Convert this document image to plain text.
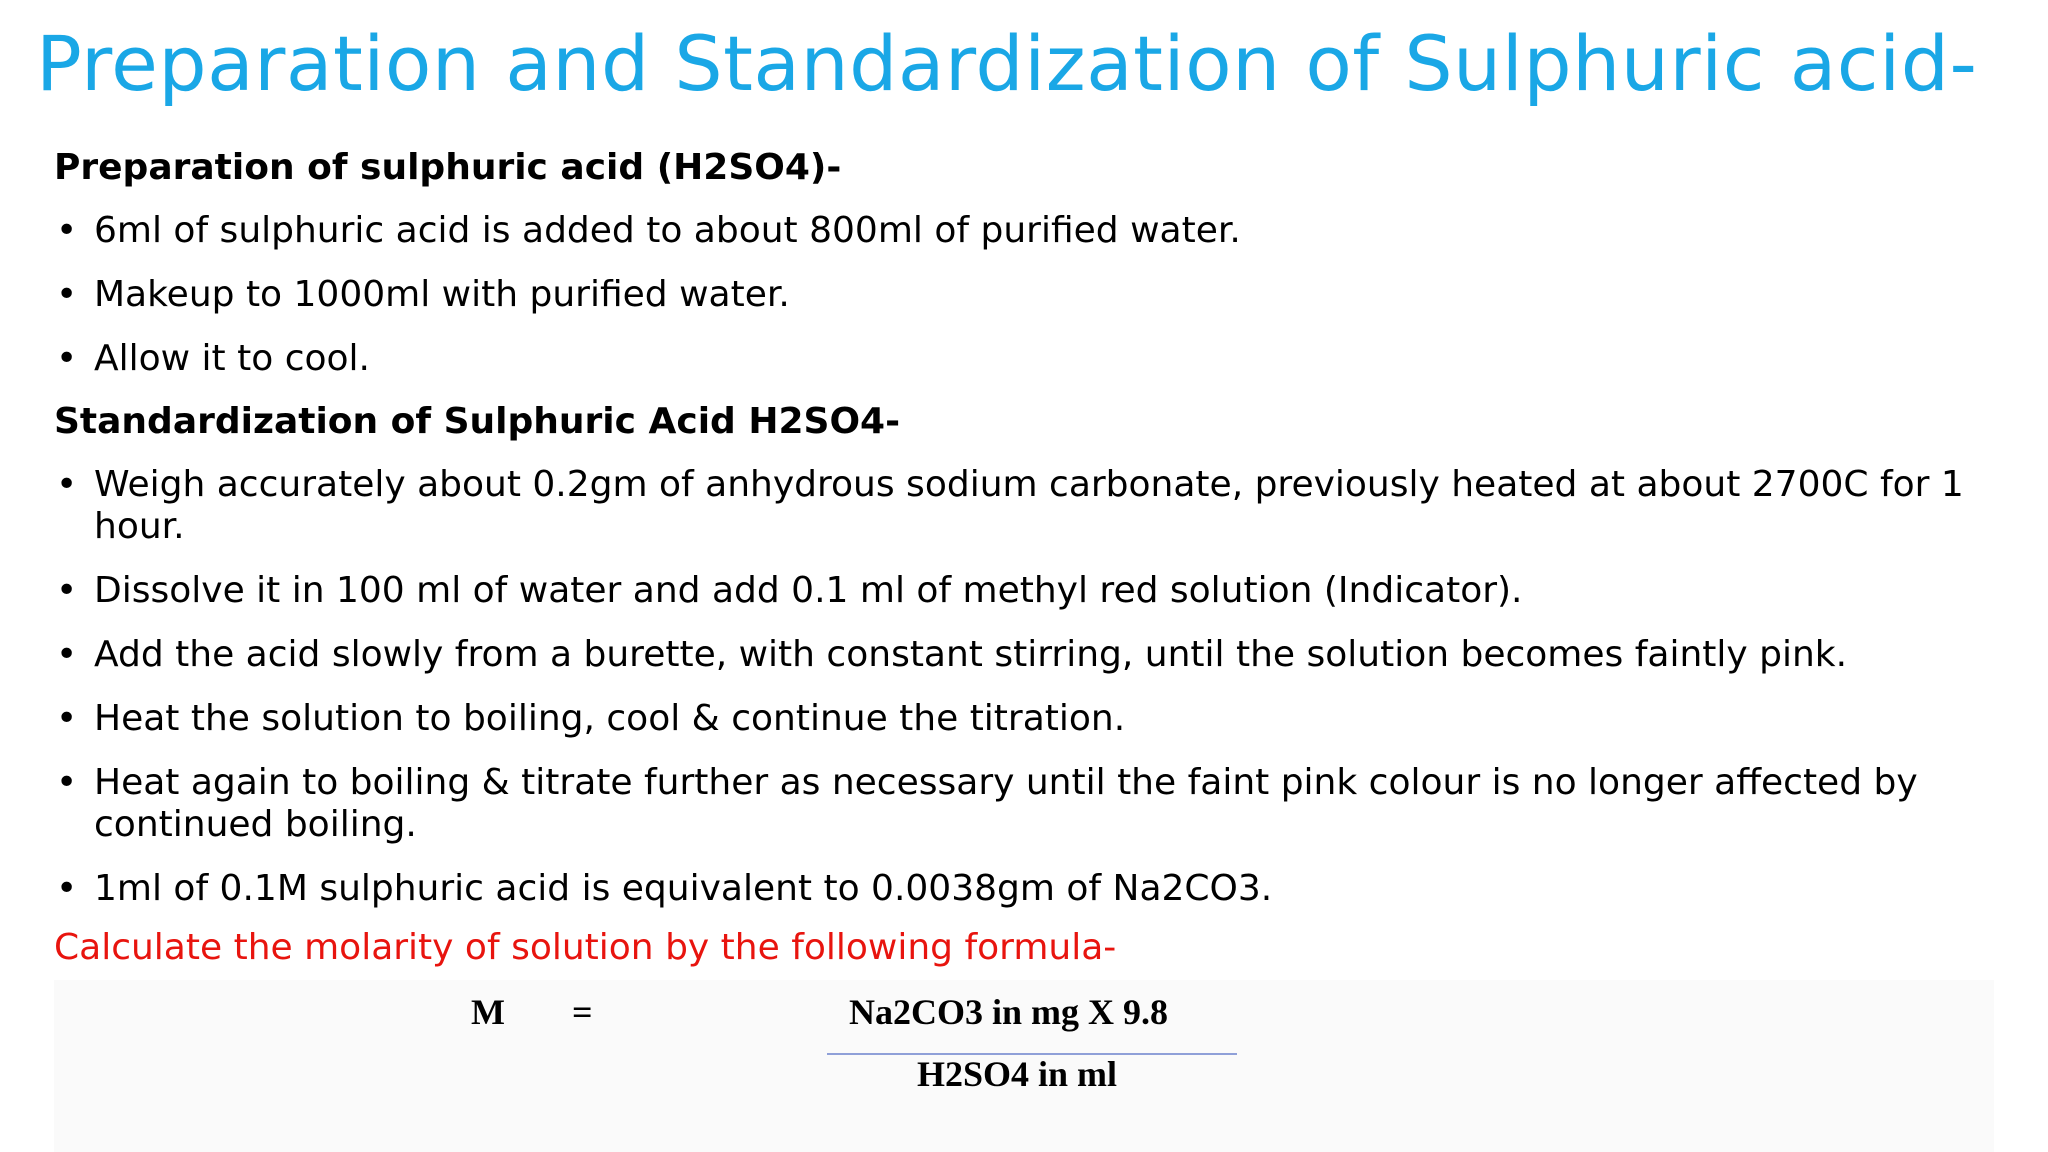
Preparation and Standardization of Sulphuric acid-
Preparation of sulphuric acid (H2SO4)-
• 6ml of sulphuric acid is added to about 800ml of purified water.
• Makeup to 1000ml with purified water.
• Allow it to cool.
Standardization of Sulphuric Acid H2SO4-
• Weigh accurately about 0.2gm of anhydrous sodium carbonate, previously heated at about 2700C for 1 hour.
• Dissolve it in 100 ml of water and add 0.1 ml of methyl red solution (Indicator).
• Add the acid slowly from a burette, with constant stirring, until the solution becomes faintly pink.
• Heat the solution to boiling, cool & continue the titration.
• Heat again to boiling & titrate further as necessary until the faint pink colour is no longer affected by continued boiling.
• 1ml of 0.1M sulphuric acid is equivalent to 0.0038gm of Na2CO3.
Calculate the molarity of solution by the following formula-
M =	Na2CO3 in mg X 9.8
H2SO4 in ml
